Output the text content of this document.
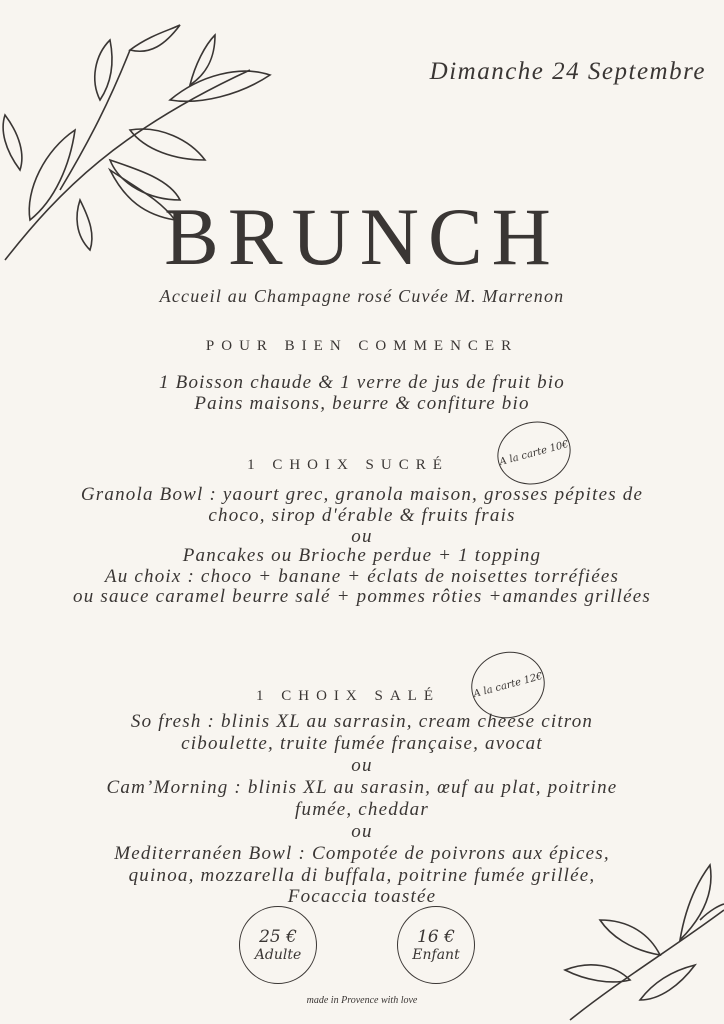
Dimanche 24 Septembre
BRUNCH
Accueil au Champagne rosé Cuvée M. Marrenon
POUR BIEN COMMENCER
1 Boisson chaude & 1 verre de jus de fruit bio
Pains maisons, beurre & confiture bio
1 CHOIX SUCRÉ	A la carte 10€
Granola Bowl : yaourt grec, granola maison, grosses pépites de
choco, sirop d'érable & fruits frais
ou
Pancakes ou Brioche perdue + 1 topping
Au choix : choco + banane + éclats de noisettes torréfiées
ou sauce caramel beurre salé + pommes rôties +amandes grillées
1 CHOIX SALÉ	A la carte 12€
So fresh : blinis XL au sarrasin, cream cheese citron
ciboulette, truite fumée française, avocat
ou
Cam’Morning : blinis XL au sarasin, œuf au plat, poitrine
fumée, cheddar
ou
Mediterranéen Bowl : Compotée de poivrons aux épices,
quinoa, mozzarella di buffala, poitrine fumée grillée,
Focaccia toastée
25 €
Adulte
16 €
Enfant
made in Provence with love
